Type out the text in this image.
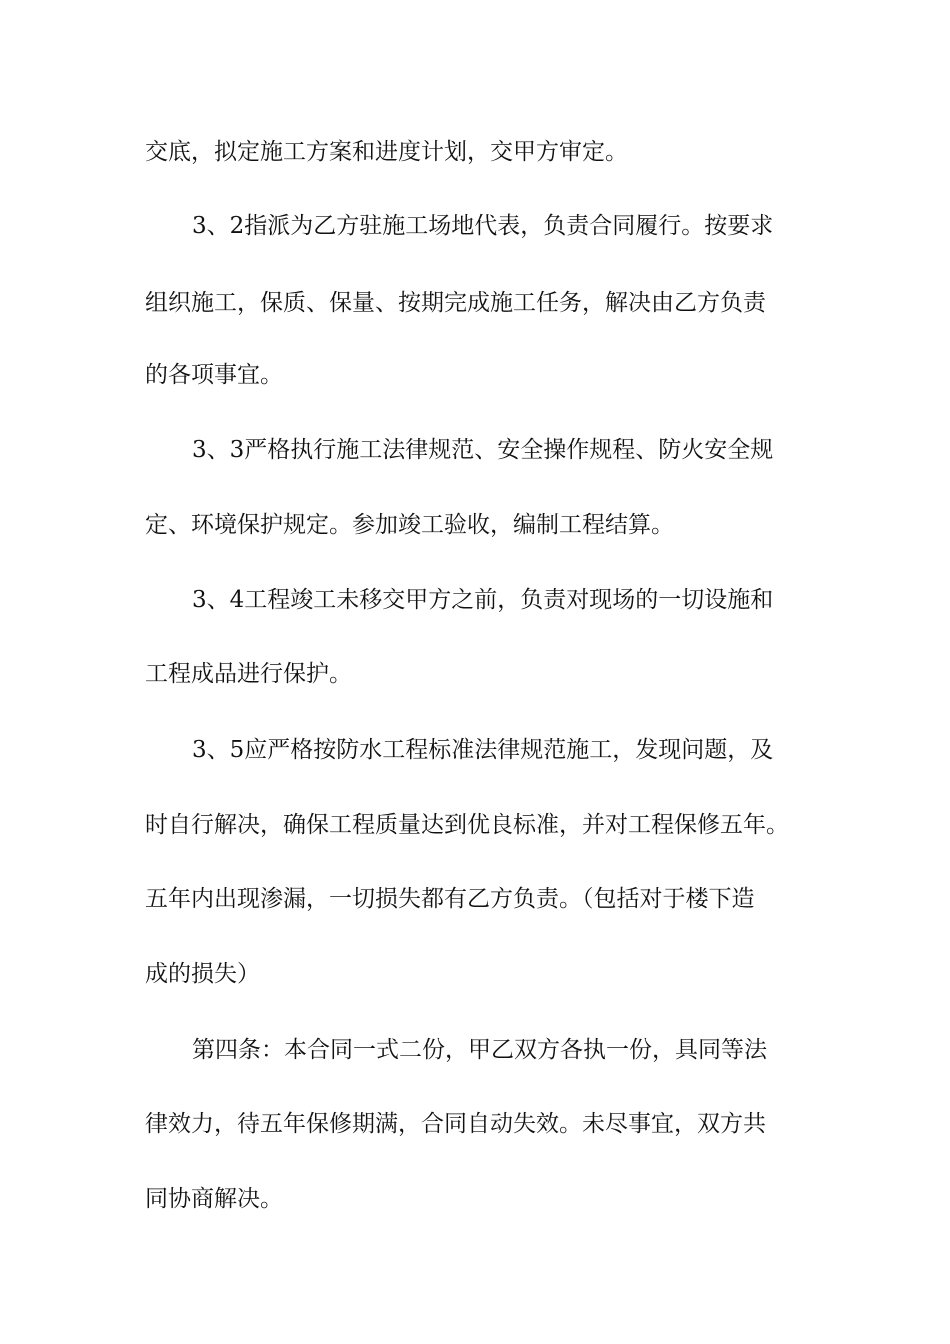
交底，拟定施工方案和进度计划，交甲方审定。
3、2指派为乙方驻施工场地代表，负责合同履行。按要求
组织施工，保质、保量、按期完成施工任务，解决由乙方负责
的各项事宜。
3、3严格执行施工法律规范、安全操作规程、防火安全规
定、环境保护规定。参加竣工验收，编制工程结算。
3、4工程竣工未移交甲方之前，负责对现场的一切设施和
工程成品进行保护。
3、5应严格按防水工程标准法律规范施工，发现问题，及
时自行解决，确保工程质量达到优良标准，并对工程保修五年。
五年内出现渗漏，一切损失都有乙方负责。（包括对于楼下造
成的损失）
第四条：本合同一式二份，甲乙双方各执一份，具同等法
律效力，待五年保修期满，合同自动失效。未尽事宜，双方共
同协商解决。
